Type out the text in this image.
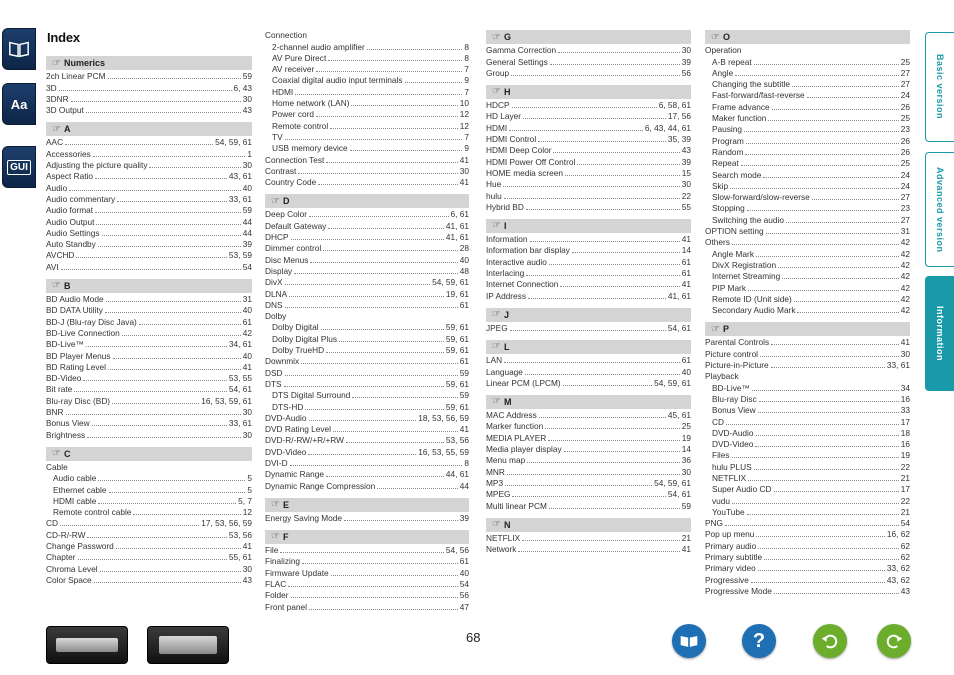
Aa
GUI
Index
☞ Numerics
2ch Linear PCM	59
3D	6, 43
3DNR	30
3D Output	43
☞ A
AAC	54, 59, 61
Accessories	1
Adjusting the picture quality	30
Aspect Ratio	43, 61
Audio	40
Audio commentary	33, 61
Audio format	59
Audio Output	44
Audio Settings	44
Auto Standby	39
AVCHD	53, 59
AVI	54
☞ B
BD Audio Mode	31
BD DATA Utility	40
BD-J (Blu-ray Disc Java)	61
BD-Live Connection	42
BD-Live™	34, 61
BD Player Menus	40
BD Rating Level	41
BD-Video	53, 55
Bit rate	54, 61
Blu-ray Disc (BD)	16, 53, 59, 61
BNR	30
Bonus View	33, 61
Brightness	30
☞ C
Cable
Audio cable	5
Ethernet cable	5
HDMI cable	5, 7
Remote control cable	12
CD	17, 53, 56, 59
CD-R/-RW	53, 56
Change Password	41
Chapter	55, 61
Chroma Level	30
Color Space	43
Connection
2-channel audio amplifier	8
AV Pure Direct	8
AV receiver	7
Coaxial digital audio input terminals	9
HDMI	7
Home network (LAN)	10
Power cord	12
Remote control	12
TV	7
USB memory device	9
Connection Test	41
Contrast	30
Country Code	41
☞ D
Deep Color	6, 61
Default Gateway	41, 61
DHCP	41, 61
Dimmer control	28
Disc Menus	40
Display	48
DivX	54, 59, 61
DLNA	19, 61
DNS	61
Dolby
Dolby Digital	59, 61
Dolby Digital Plus	59, 61
Dolby TrueHD	59, 61
Downmix	61
DSD	59
DTS	59, 61
DTS Digital Surround	59
DTS-HD	59, 61
DVD-Audio	18, 53, 56, 59
DVD Rating Level	41
DVD-R/-RW/+R/+RW	53, 56
DVD-Video	16, 53, 55, 59
DVI-D	8
Dynamic Range	44, 61
Dynamic Range Compression	44
☞ E
Energy Saving Mode	39
☞ F
File	54, 56
Finalizing	61
Firmware Update	40
FLAC	54
Folder	56
Front panel	47
☞ G
Gamma Correction	30
General Settings	39
Group	56
☞ H
HDCP	6, 58, 61
HD Layer	17, 56
HDMI	6, 43, 44, 61
HDMI Control	35, 39
HDMI Deep Color	43
HDMI Power Off Control	39
HOME media screen	15
Hue	30
hulu	22
Hybrid BD	55
☞ I
Information	41
Information bar display	14
Interactive audio	61
Interlacing	61
Internet Connection	41
IP Address	41, 61
☞ J
JPEG	54, 61
☞ L
LAN	61
Language	40
Linear PCM (LPCM)	54, 59, 61
☞ M
MAC Address	45, 61
Marker function	25
MEDIA PLAYER	19
Media player display	14
Menu map	36
MNR	30
MP3	54, 59, 61
MPEG	54, 61
Multi linear PCM	59
☞ N
NETFLIX	21
Network	41
☞ O
Operation
A-B repeat	25
Angle	27
Changing the subtitle	27
Fast-forward/fast-reverse	24
Frame advance	26
Maker function	25
Pausing	23
Program	26
Random	26
Repeat	25
Search mode	24
Skip	24
Slow-forward/slow-reverse	27
Stopping	23
Switching the audio	27
OPTION setting	31
Others	42
Angle Mark	42
DivX Registration	42
Internet Streaming	42
PIP Mark	42
Remote ID (Unit side)	42
Secondary Audio Mark	42
☞ P
Parental Controls	41
Picture control	30
Picture-in-Picture	33, 61
Playback
BD-Live™	34
Blu-ray Disc	16
Bonus View	33
CD	17
DVD-Audio	18
DVD-Video	16
Files	19
hulu PLUS	22
NETFLIX	21
Super Audio CD	17
vudu	22
YouTube	21
PNG	54
Pop up menu	16, 62
Primary audio	62
Primary subtitle	62
Primary video	33, 62
Progressive	43, 62
Progressive Mode	43
Basic version
Advanced version
Information
68	?
